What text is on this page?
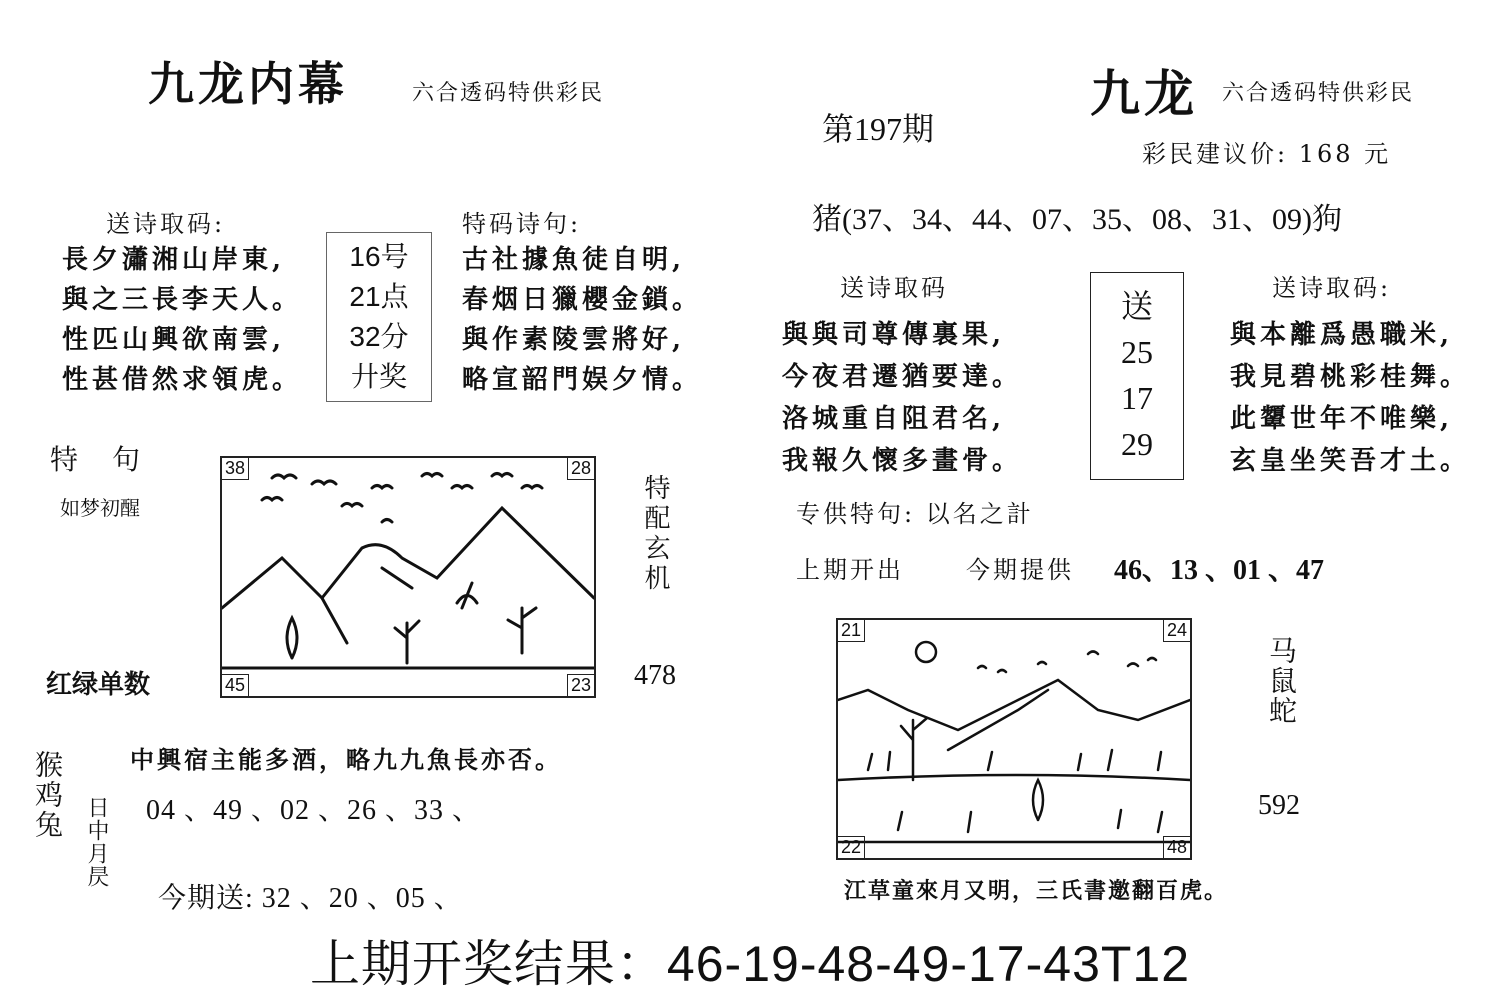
九龙内幕	六合透码特供彩民
送诗取码:
長夕瀟湘山岸東,
與之三長李天人。
性匹山興欲南雲,
性甚借然求領虎。
16号
21点
32分
廾奖
特码诗句:
古社據魚徒自明,
春烟日獵櫻金鎖。
與作素陵雲將好,
略宣韶門娱夕情。
特　句
如梦初醒
38	28
45	23
特配玄机
红绿单数	478
中興宿主能多酒，略九九魚長亦否。
猴鸡兔
日中月昃 04 、49 、02 、26 、33 、
今期送: 32 、20 、05 、
第197期
九龙 六合透码特供彩民
彩民建议价: 168 元
猪(37、34、44、07、35、08、31、09)狗
送诗取码
與與司尊傳裏果,
今夜君遷猶要達。
洛城重自阻君名,
我報久懷多畫骨。
送
25
17
29
送诗取码:
與本離爲愚職米,
我見碧桃彩桂舞。
此顰世年不唯樂,
玄皇坐笑吾才土。
专供特句: 以名之計
上期开出	今期提供 46、13 、01 、47
21	24
22	48
马鼠蛇
592
江草童來月又明，三氏書邀翻百虎。
上期开奖结果：46-19-48-49-17-43T12
